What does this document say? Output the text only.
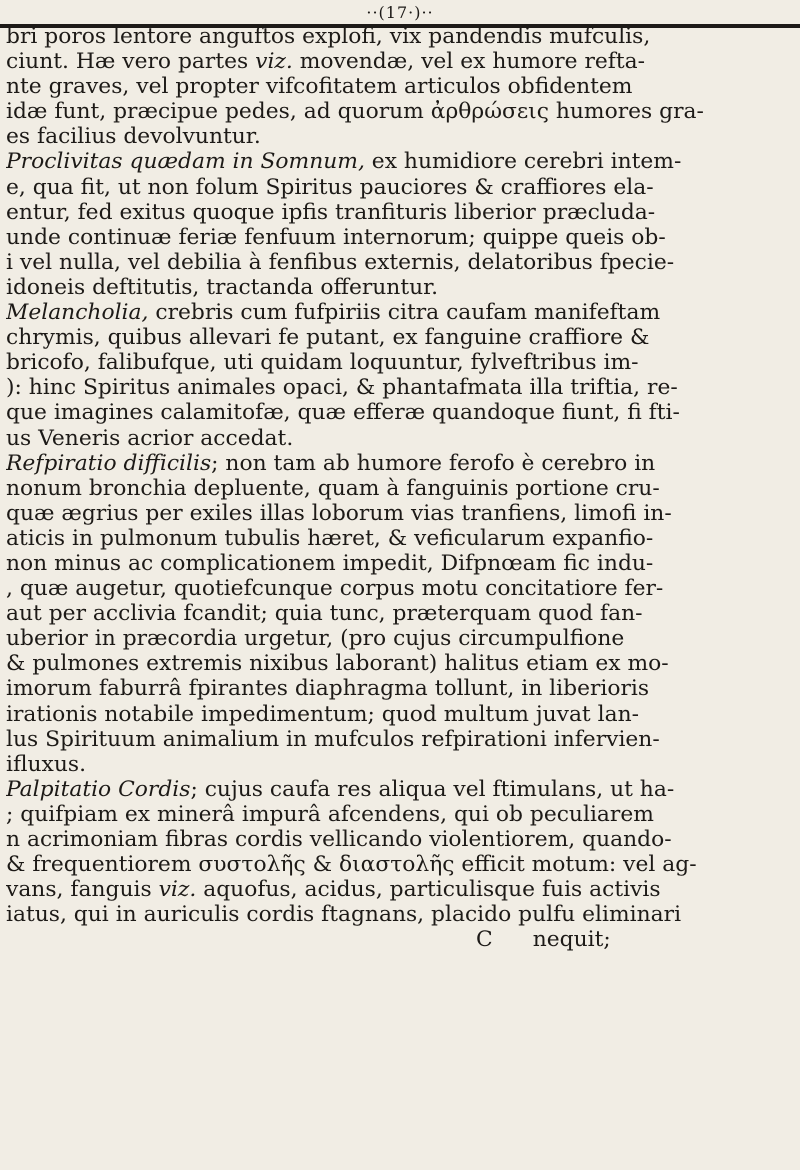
··(17·)··
bri poros lentore anguftos explofi, vix pandendis mufculis,
ciunt. Hæ vero partes viz. movendæ, vel ex humore refta-
nte graves, vel propter vifcofitatem articulos obfidentem
idæ funt, præcipue pedes, ad quorum ἀρθρώσεις humores gra-
es facilius devolvuntur.
Proclivitas quædam in Somnum, ex humidiore cerebri intem-
e, qua fit, ut non folum Spiritus pauciores & craffiores ela-
entur, fed exitus quoque ipfis tranfituris liberior præcluda-
unde continuæ feriæ fenfuum internorum; quippe queis ob-
i vel nulla, vel debilia à fenfibus externis, delatoribus fpecie-
idoneis deftitutis, tractanda offeruntur.
Melancholia, crebris cum fufpiriis citra caufam manifeftam
chrymis, quibus allevari fe putant, ex fanguine craffiore &
bricofo, falibufque, uti quidam loquuntur, fylveftribus im-
): hinc Spiritus animales opaci, & phantafmata illa triftia, re-
que imagines calamitofæ, quæ efferæ quandoque fiunt, fi fti-
us Veneris acrior accedat.
Refpiratio difficilis; non tam ab humore ferofo è cerebro in
nonum bronchia depluente, quam à fanguinis portione cru-
quæ ægrius per exiles illas loborum vias tranfiens, limofi in-
aticis in pulmonum tubulis hæret, & veficularum expanfio-
non minus ac complicationem impedit, Difpnœam fic indu-
, quæ augetur, quotiefcunque corpus motu concitatiore fer-
aut per acclivia fcandit; quia tunc, præterquam quod fan-
uberior in præcordia urgetur, (pro cujus circumpulfione
& pulmones extremis nixibus laborant) halitus etiam ex mo-
imorum faburrâ fpirantes diaphragma tollunt, in liberioris
irationis notabile impedimentum; quod multum juvat lan-
lus Spirituum animalium in mufculos refpirationi infervien-
ifluxus.
Palpitatio Cordis; cujus caufa res aliqua vel ftimulans, ut ha-
; quifpiam ex minerâ impurâ afcendens, qui ob peculiarem
n acrimoniam fibras cordis vellicando violentiorem, quando-
& frequentiorem συστολῆς & διαστολῆς efficit motum: vel ag-
vans, fanguis viz. aquofus, acidus, particulisque fuis activis
iatus, qui in auriculis cordis ftagnans, placido pulfu eliminari
C nequit;
